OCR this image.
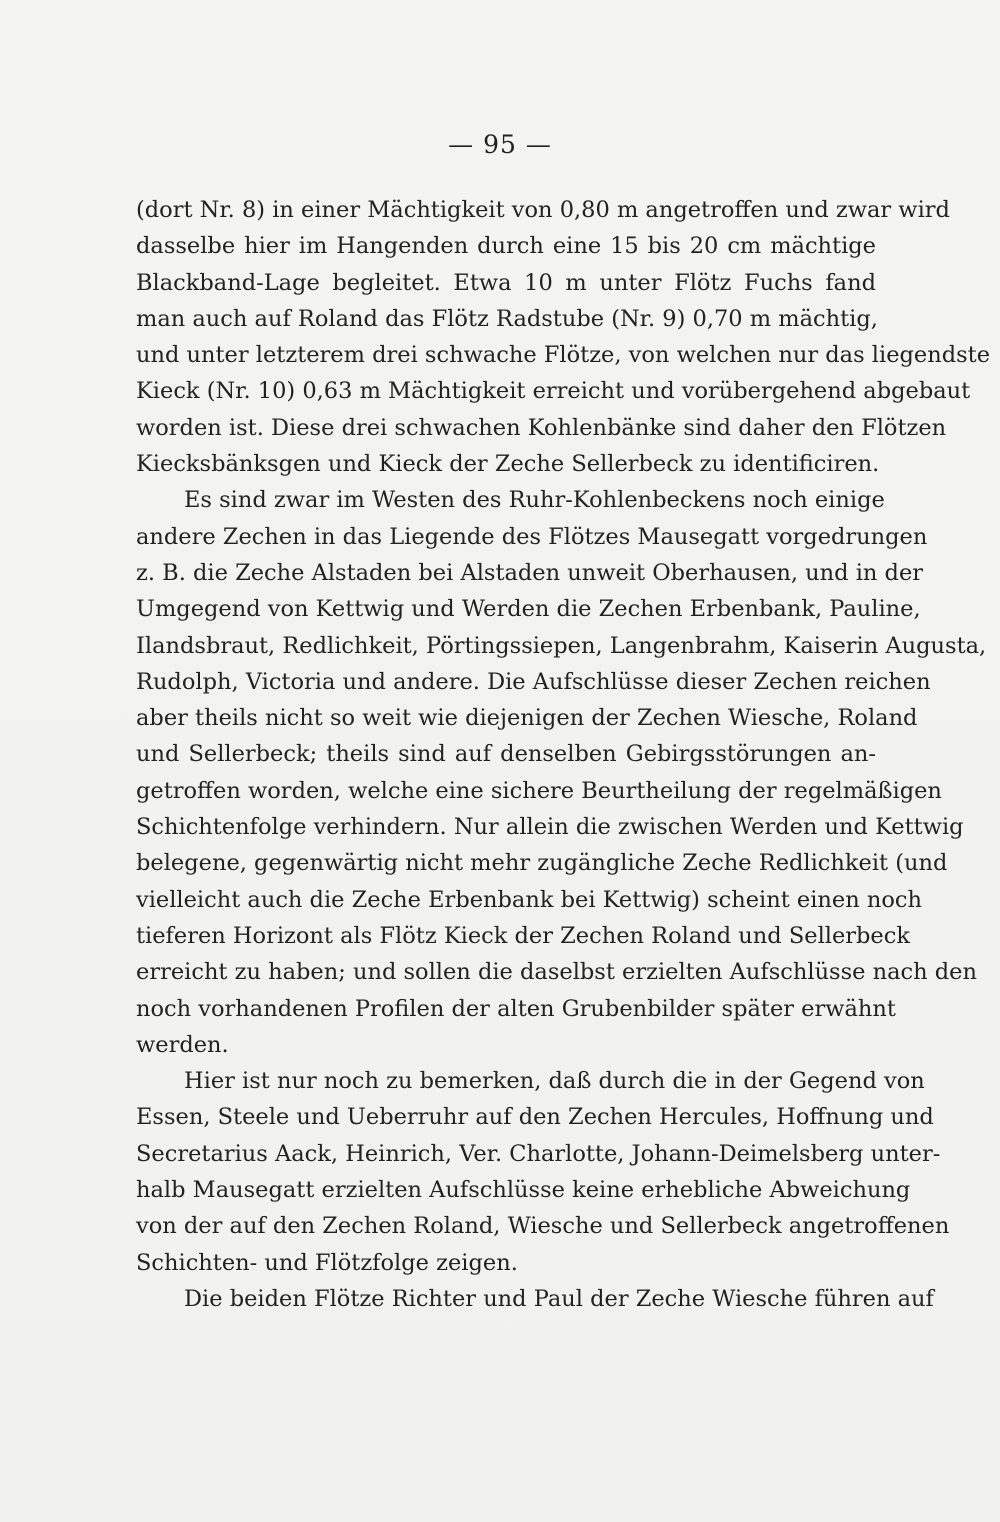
— 95 —

(dort Nr. 8) in einer Mächtigkeit von 0,80 m angetroffen und zwar wird

dasselbe hier im Hangenden durch eine 15 bis 20 cm mächtige

Blackband-Lage begleitet. Etwa 10 m unter Flötz Fuchs fand

man auch auf Roland das Flötz Radstube (Nr. 9) 0,70 m mächtig,

und unter letzterem drei schwache Flötze, von welchen nur das liegendste

Kieck (Nr. 10) 0,63 m Mächtigkeit erreicht und vorübergehend abgebaut

worden ist. Diese drei schwachen Kohlenbänke sind daher den Flötzen

Kiecksbänksgen und Kieck der Zeche Sellerbeck zu identificiren.

Es sind zwar im Westen des Ruhr-Kohlenbeckens noch einige

andere Zechen in das Liegende des Flötzes Mausegatt vorgedrungen

z. B. die Zeche Alstaden bei Alstaden unweit Oberhausen, und in der

Umgegend von Kettwig und Werden die Zechen Erbenbank, Pauline,

Ilandsbraut, Redlichkeit, Pörtingssiepen, Langenbrahm, Kaiserin Augusta,

Rudolph, Victoria und andere. Die Aufschlüsse dieser Zechen reichen

aber theils nicht so weit wie diejenigen der Zechen Wiesche, Roland

und Sellerbeck; theils sind auf denselben Gebirgsstörungen an-

getroffen worden, welche eine sichere Beurtheilung der regelmäßigen

Schichtenfolge verhindern. Nur allein die zwischen Werden und Kettwig

belegene, gegenwärtig nicht mehr zugängliche Zeche Redlichkeit (und

vielleicht auch die Zeche Erbenbank bei Kettwig) scheint einen noch

tieferen Horizont als Flötz Kieck der Zechen Roland und Sellerbeck

erreicht zu haben; und sollen die daselbst erzielten Aufschlüsse nach den

noch vorhandenen Profilen der alten Grubenbilder später erwähnt

werden.

Hier ist nur noch zu bemerken, daß durch die in der Gegend von

Essen, Steele und Ueberruhr auf den Zechen Hercules, Hoffnung und

Secretarius Aack, Heinrich, Ver. Charlotte, Johann-Deimelsberg unter-

halb Mausegatt erzielten Aufschlüsse keine erhebliche Abweichung

von der auf den Zechen Roland, Wiesche und Sellerbeck angetroffenen

Schichten- und Flötzfolge zeigen.

Die beiden Flötze Richter und Paul der Zeche Wiesche führen auf
